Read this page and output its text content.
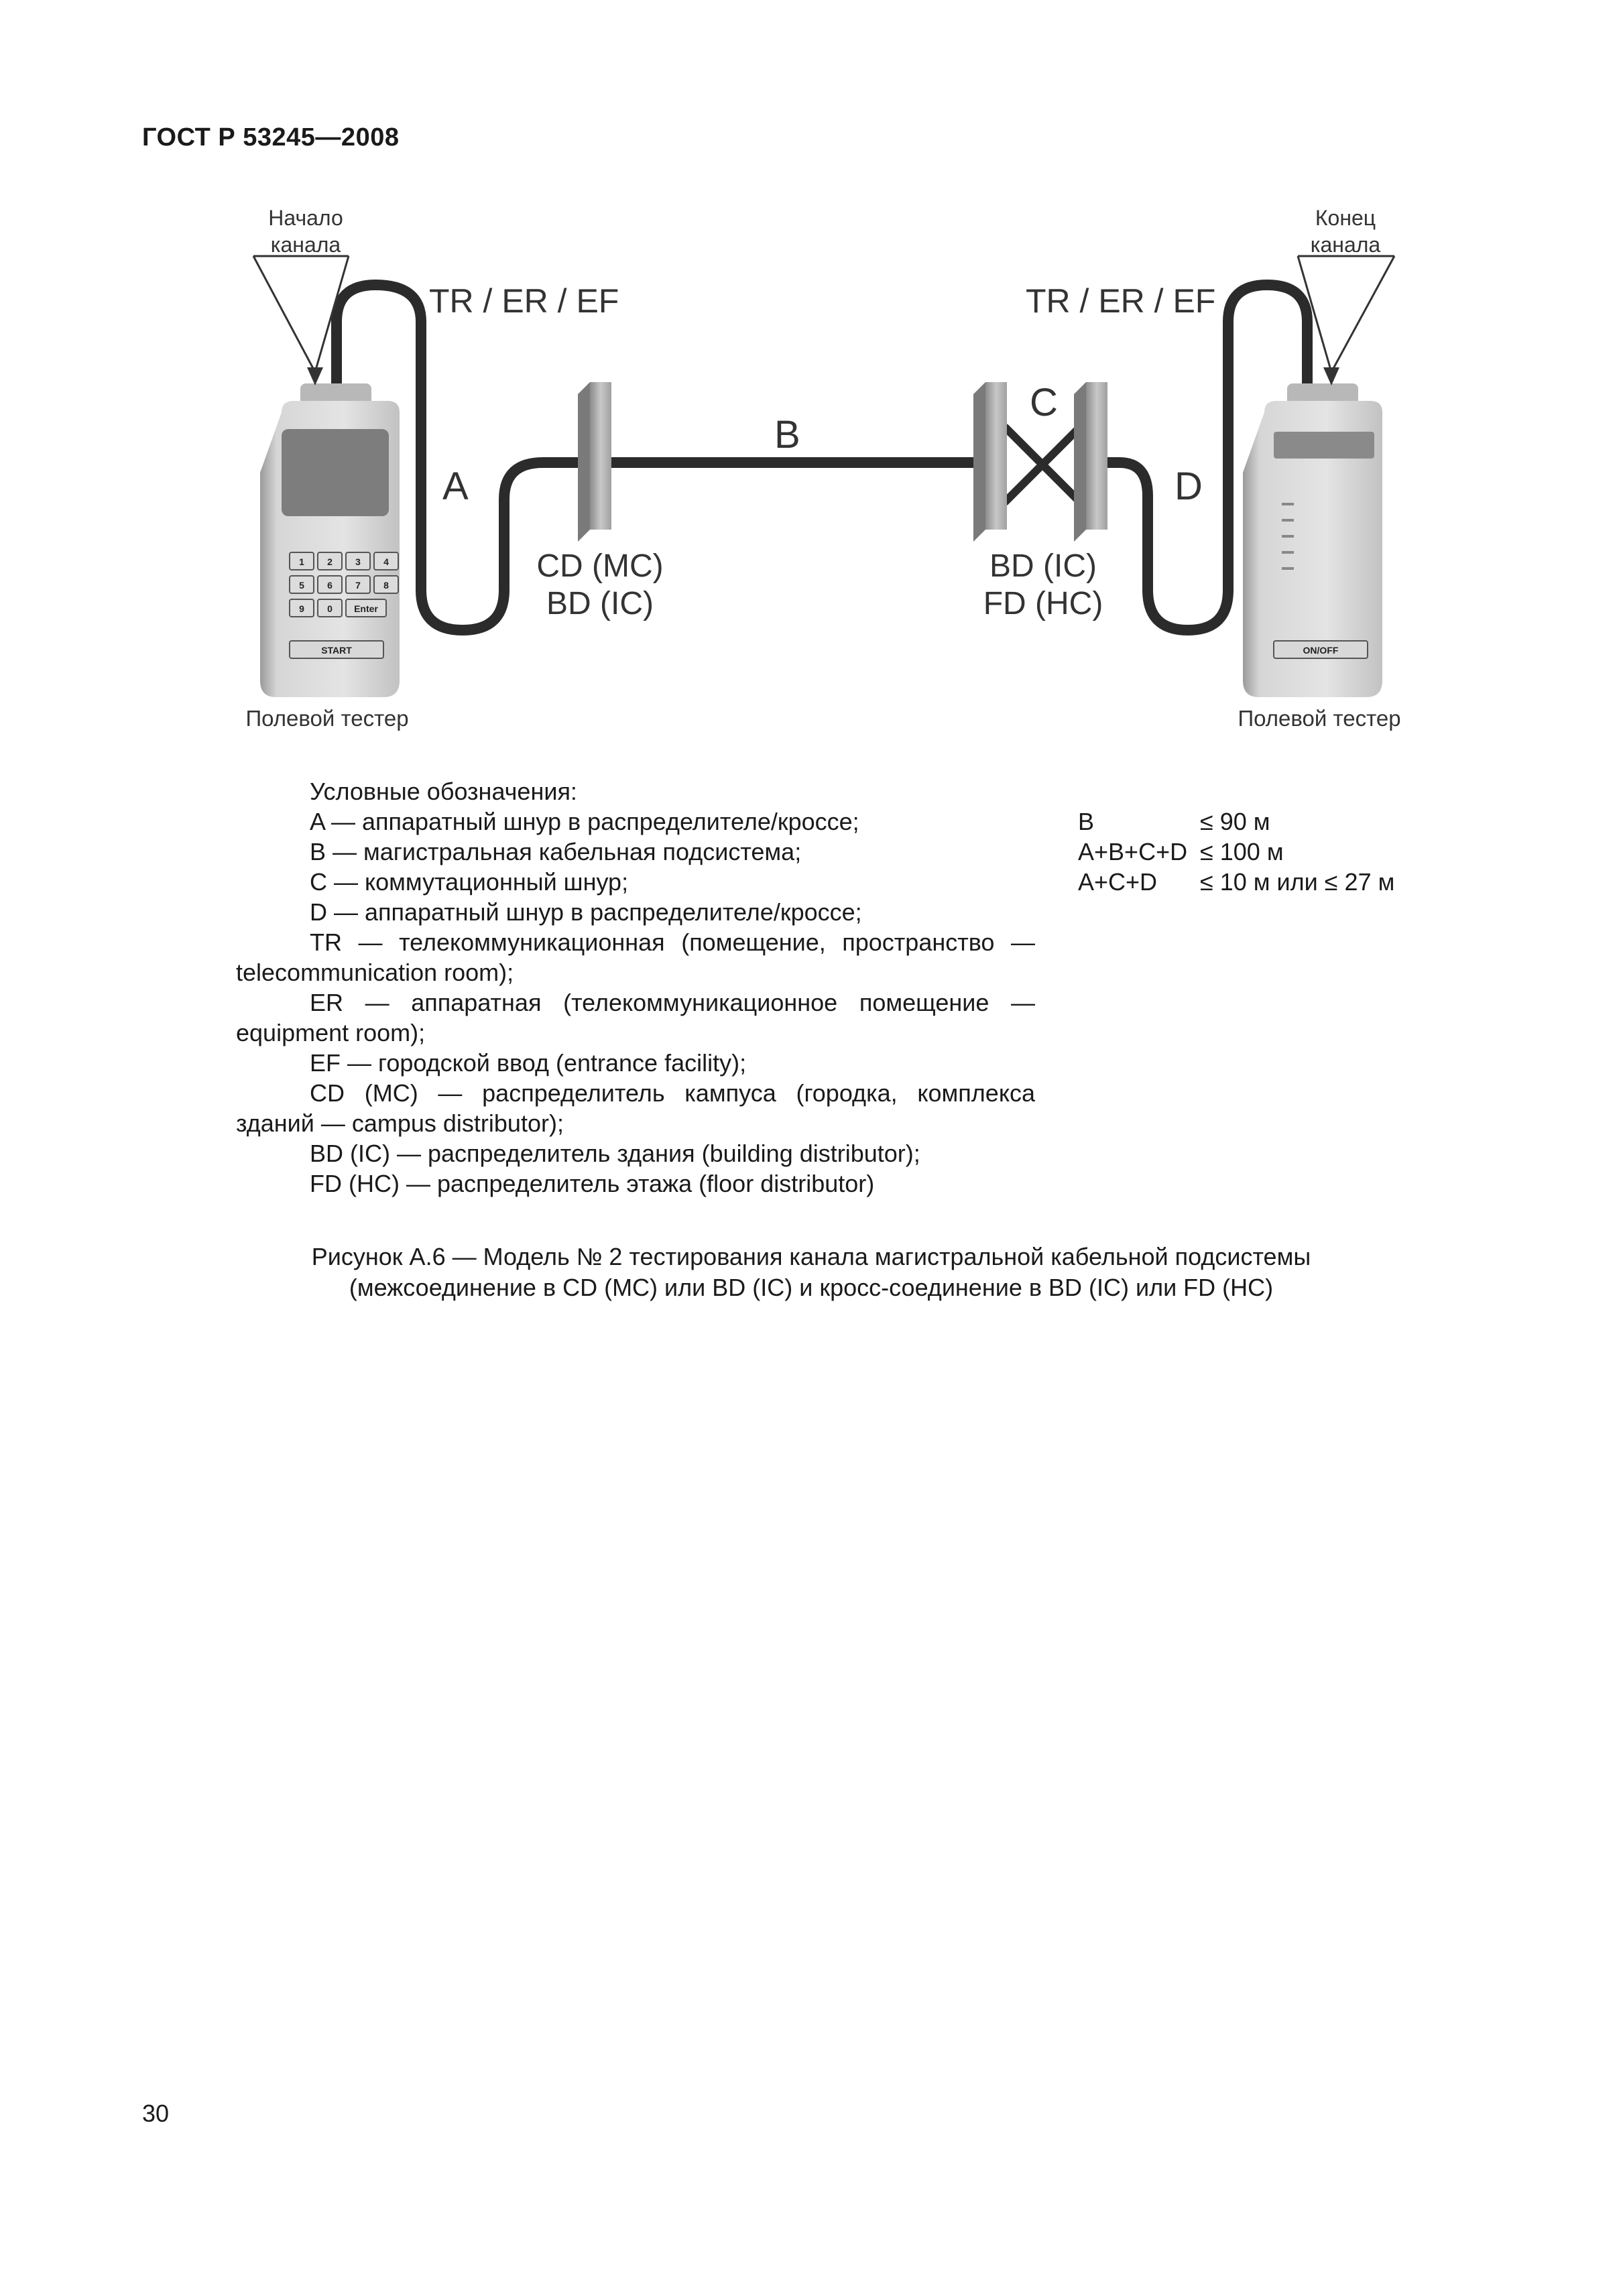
ГОСТ Р 53245—2008
1 2 3 4
5 6 7 8
9 0 Enter
START	ON/OFF
Начало
канала
Конец
канала
TR / ER / EF	TR / ER / EF
A
B
C
D
CD (MC)
BD (IC)
BD (IC)
FD (HC)
Полевой тестер	Полевой тестер
Условные обозначения:
A — аппаратный шнур в распределителе/кроссе;
B — магистральная кабельная подсистема;
C — коммутационный шнур;
D — аппаратный шнур в распределителе/кроссе;
TR — телекоммуникационная (помещение, пространство — telecommunication room);
ER — аппаратная (телекоммуникационное помещение — equipment room);
EF — городской ввод (entrance facility);
CD (MC) — распределитель кампуса (городка, комплекса зданий — campus distributor);
BD (IC) — распределитель здания (building distributor);
FD (HC) — распределитель этажа (floor distributor)
B	≤ 90 м
A+B+C+D ≤ 100 м
A+C+D ≤ 10 м или ≤ 27 м
Рисунок А.6 — Модель № 2 тестирования канала магистральной кабельной подсистемы
(межсоединение в CD (MC) или BD (IC) и кросс-соединение в BD (IC) или FD (HC)
30
